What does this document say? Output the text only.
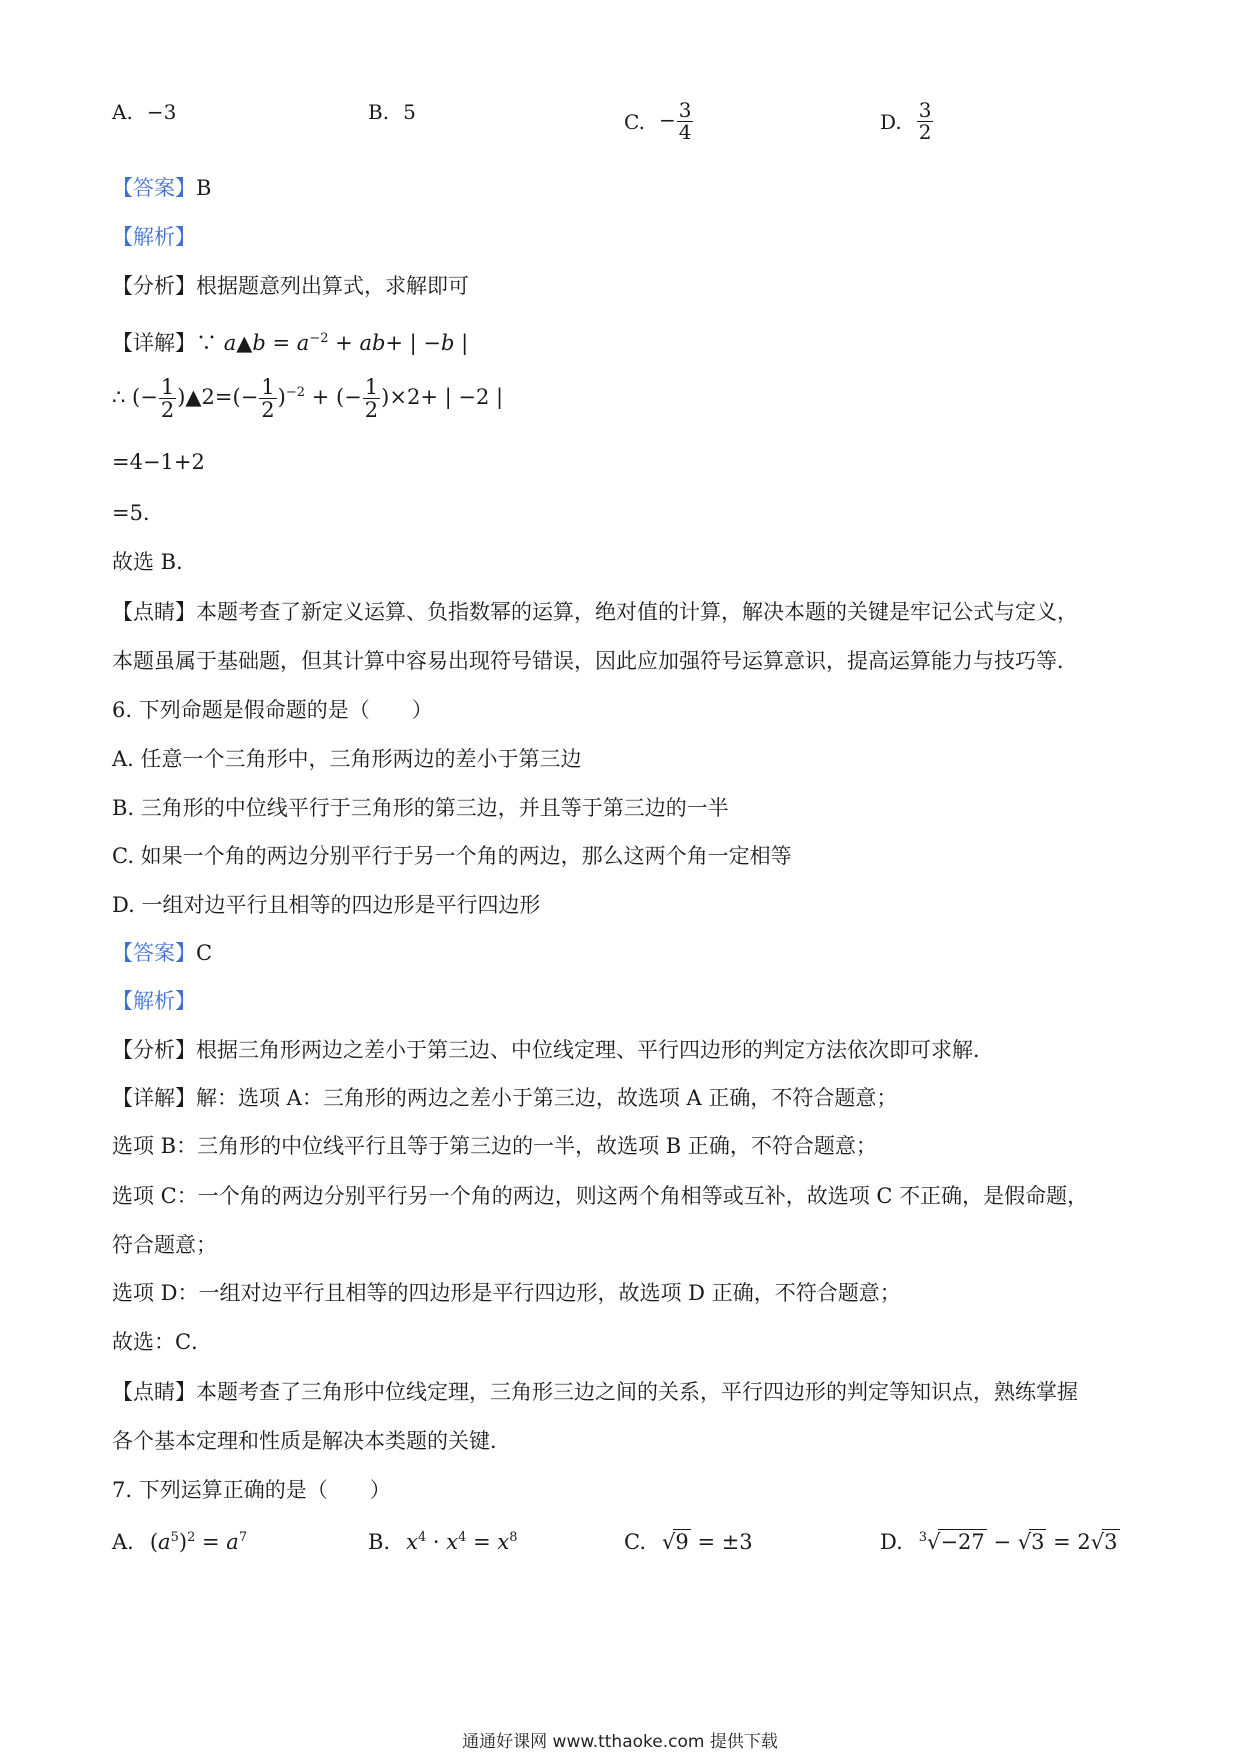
A. −3	B. 5	C. − $\frac{3}{4}$	D. $\frac{3}{2}$
【答案】B
【解析】
【分析】根据题意列出算式，求解即可
【详解】∵ a▲b = $a^{-2} + ab+$ | −b |
∴ (− $\frac{1}{2}$ )▲2=(− $\frac{1}{2} )^{-2}$ + (− $\frac{1}{2} )\times 2+$ | −2 |
=4−1+2
=5．
故选 B．
【点睛】本题考查了新定义运算、负指数幂的运算，绝对值的计算，解决本题的关键是牢记公式与定义，
本题虽属于基础题，但其计算中容易出现符号错误，因此应加强符号运算意识，提高运算能力与技巧等．
6. 下列命题是假命题的是（　　）
A. 任意一个三角形中，三角形两边的差小于第三边
B. 三角形的中位线平行于三角形的第三边，并且等于第三边的一半
C. 如果一个角的两边分别平行于另一个角的两边，那么这两个角一定相等
D. 一组对边平行且相等的四边形是平行四边形
【答案】C
【解析】
【分析】根据三角形两边之差小于第三边、中位线定理、平行四边形的判定方法依次即可求解．
【详解】解：选项 A：三角形的两边之差小于第三边，故选项 A 正确，不符合题意；
选项 B：三角形的中位线平行且等于第三边的一半，故选项 B 正确，不符合题意；
选项 C：一个角的两边分别平行另一个角的两边，则这两个角相等或互补，故选项 C 不正确，是假命题，
符合题意；
选项 D：一组对边平行且相等的四边形是平行四边形，故选项 D 正确，不符合题意；
故选：C．
【点睛】本题考查了三角形中位线定理，三角形三边之间的关系，平行四边形的判定等知识点，熟练掌握
各个基本定理和性质是解决本类题的关键．
7. 下列运算正确的是（　　）
A. $(a^5)^2 = a^7$	B. $x^4 \cdot x^4 = x^8$	C. √9 = ±3	D. $^3$√−27 − √3 = 2√3
通通好课网 www.tthaoke.com 提供下载
